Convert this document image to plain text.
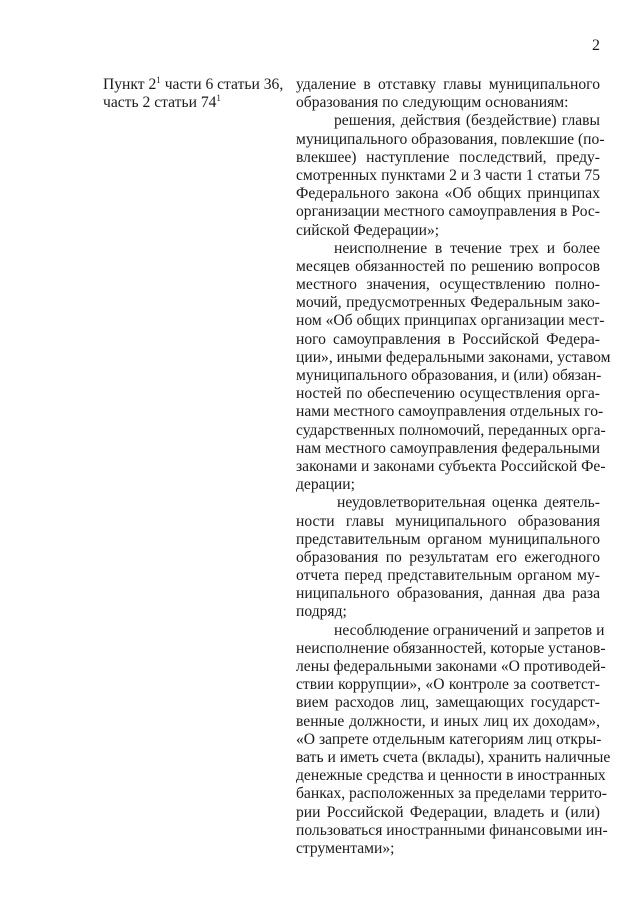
2
Пункт $2^1$ части 6 статьи 36,
часть 2 статьи $74^1$
удаление в отставку главы муниципального
образования по следующим основаниям:
решения, действия (бездействие) главы
муниципального образования, повлекшие (по-
влекшее) наступление последствий, преду-
смотренных пунктами 2 и 3 части 1 статьи 75
Федерального закона «Об общих принципах
организации местного самоуправления в Рос-
сийской Федерации»;
неисполнение в течение трех и более
месяцев обязанностей по решению вопросов
местного значения, осуществлению полно-
мочий, предусмотренных Федеральным зако-
ном «Об общих принципах организации мест-
ного самоуправления в Российской Федера-
ции», иными федеральными законами, уставом
муниципального образования, и (или) обязан-
ностей по обеспечению осуществления орга-
нами местного самоуправления отдельных го-
сударственных полномочий, переданных орга-
нам местного самоуправления федеральными
законами и законами субъекта Российской Фе-
дерации;
неудовлетворительная оценка деятель-
ности главы муниципального образования
представительным органом муниципального
образования по результатам его ежегодного
отчета перед представительным органом му-
ниципального образования, данная два раза
подряд;
несоблюдение ограничений и запретов и
неисполнение обязанностей, которые установ-
лены федеральными законами «О противодей-
ствии коррупции», «О контроле за соответст-
вием расходов лиц, замещающих государст-
венные должности, и иных лиц их доходам»,
«О запрете отдельным категориям лиц откры-
вать и иметь счета (вклады), хранить наличные
денежные средства и ценности в иностранных
банках, расположенных за пределами террито-
рии Российской Федерации, владеть и (или)
пользоваться иностранными финансовыми ин-
струментами»;
